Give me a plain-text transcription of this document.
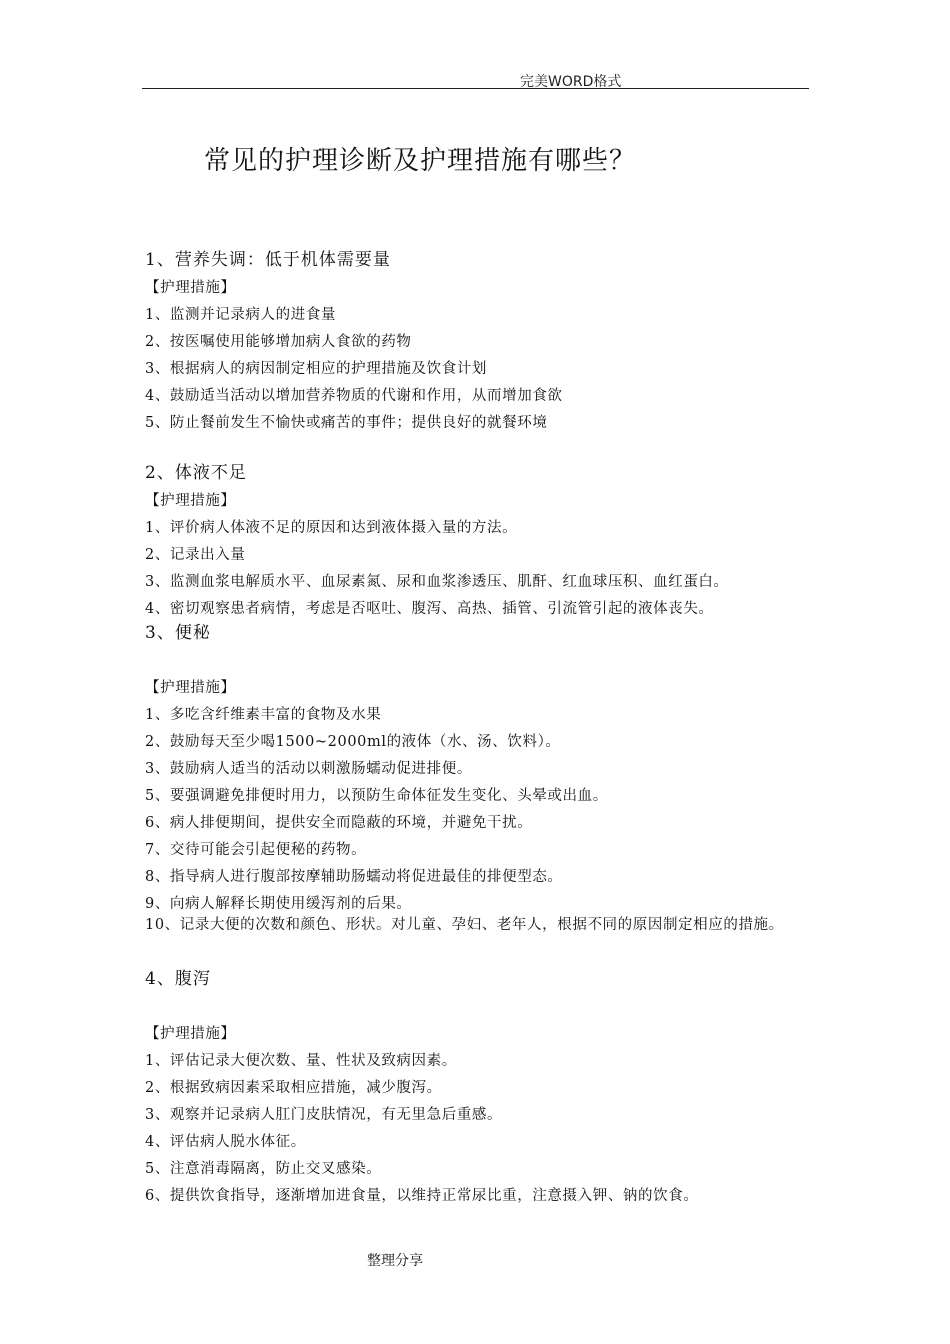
完美WORD格式
常见的护理诊断及护理措施有哪些？
1、营养失调：低于机体需要量
【护理措施】
1、监测并记录病人的进食量
2、按医嘱使用能够增加病人食欲的药物
3、根据病人的病因制定相应的护理措施及饮食计划
4、鼓励适当活动以增加营养物质的代谢和作用，从而增加食欲
5、防止餐前发生不愉快或痛苦的事件；提供良好的就餐环境
2、体液不足
【护理措施】
1、评价病人体液不足的原因和达到液体摄入量的方法。
2、记录出入量
3、监测血浆电解质水平、血尿素氮、尿和血浆渗透压、肌酐、红血球压积、血红蛋白。
4、密切观察患者病情，考虑是否呕吐、腹泻、高热、插管、引流管引起的液体丧失。
3、便秘
【护理措施】
1、多吃含纤维素丰富的食物及水果
2、鼓励每天至少喝1500~2000ml的液体（水、汤、饮料）。
3、鼓励病人适当的活动以刺激肠蠕动促进排便。
5、要强调避免排便时用力，以预防生命体征发生变化、头晕或出血。
6、病人排便期间，提供安全而隐蔽的环境，并避免干扰。
7、交待可能会引起便秘的药物。
8、指导病人进行腹部按摩辅助肠蠕动将促进最佳的排便型态。
9、向病人解释长期使用缓泻剂的后果。
10、记录大便的次数和颜色、形状。对儿童、孕妇、老年人，根据不同的原因制定相应的措施。
4、腹泻
【护理措施】
1、评估记录大便次数、量、性状及致病因素。
2、根据致病因素采取相应措施，减少腹泻。
3、观察并记录病人肛门皮肤情况，有无里急后重感。
4、评估病人脱水体征。
5、注意消毒隔离，防止交叉感染。
6、提供饮食指导，逐渐增加进食量，以维持正常尿比重，注意摄入钾、钠的饮食。
整理分享
